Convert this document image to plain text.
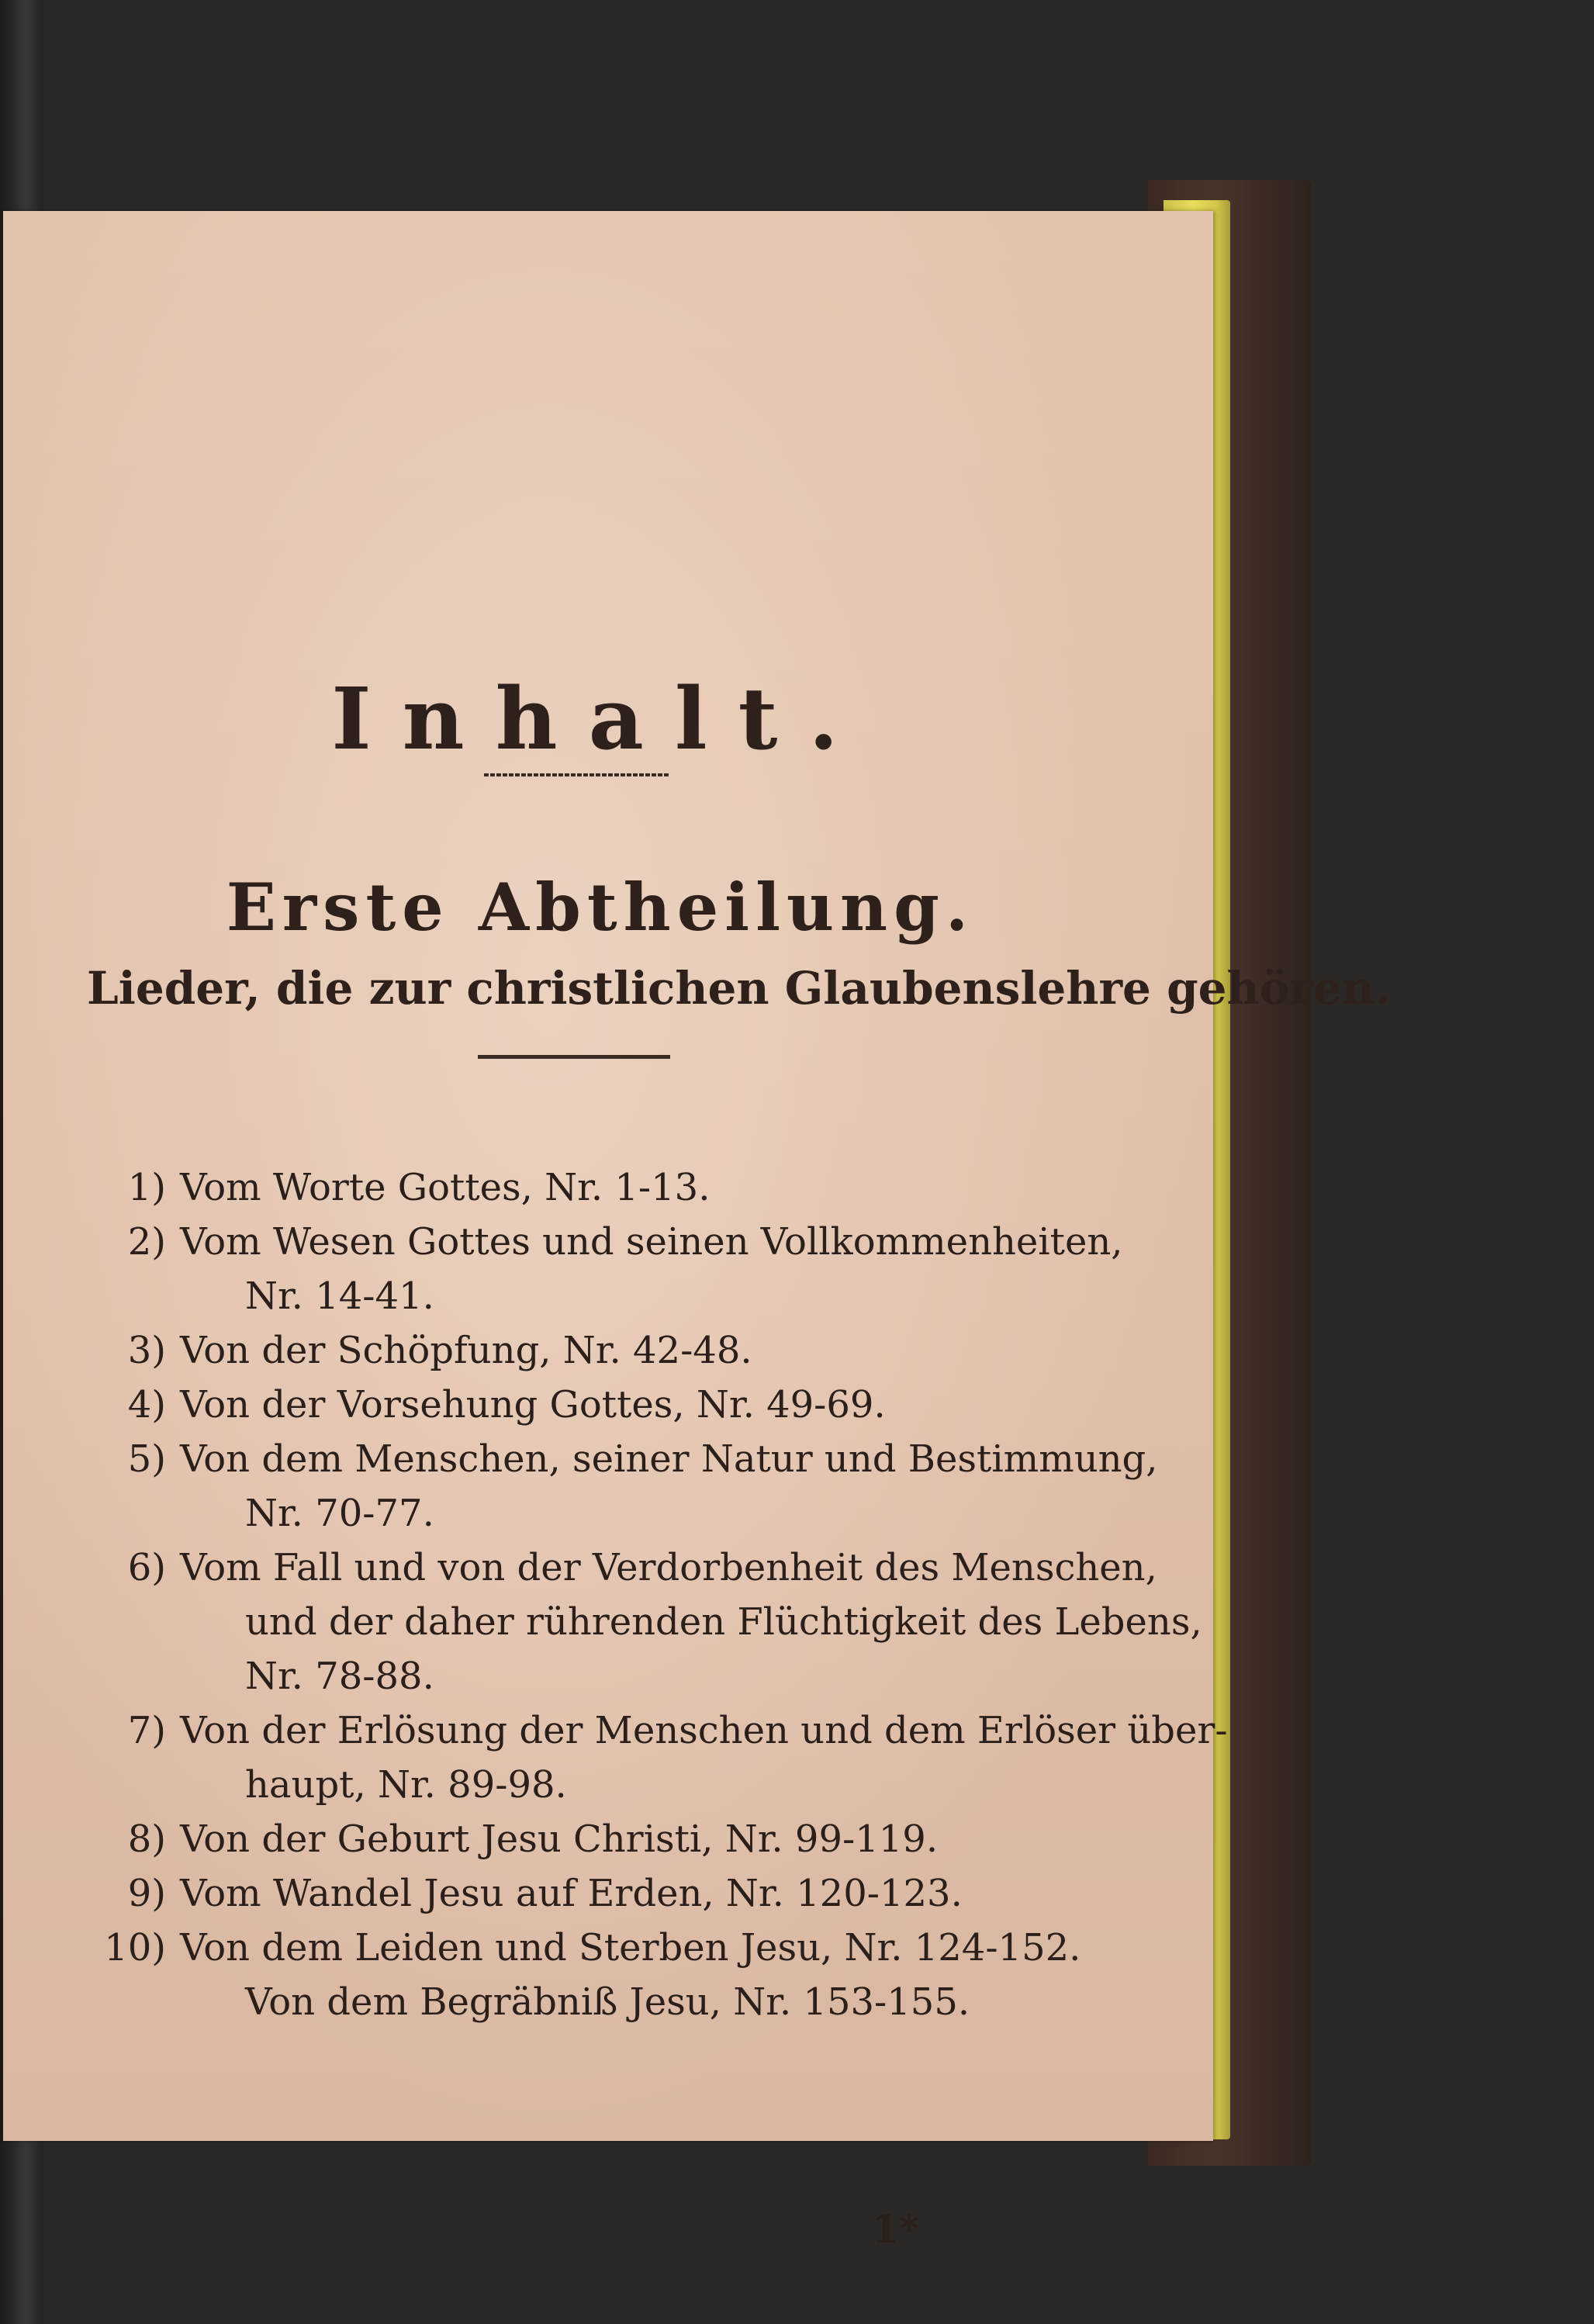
Inhalt.
Erste Abtheilung.
Lieder, die zur christlichen Glaubenslehre gehören.
1) Vom Worte Gottes, Nr. 1-13.
2) Vom Wesen Gottes und seinen Vollkommenheiten,
Nr. 14-41.
3) Von der Schöpfung, Nr. 42-48.
4) Von der Vorsehung Gottes, Nr. 49-69.
5) Von dem Menschen, seiner Natur und Bestimmung,
Nr. 70-77.
6) Vom Fall und von der Verdorbenheit des Menschen,
und der daher rührenden Flüchtigkeit des Lebens,
Nr. 78-88.
7) Von der Erlösung der Menschen und dem Erlöser über-
haupt, Nr. 89-98.
8) Von der Geburt Jesu Christi, Nr. 99-119.
9) Vom Wandel Jesu auf Erden, Nr. 120-123.
10) Von dem Leiden und Sterben Jesu, Nr. 124-152.
Von dem Begräbniß Jesu, Nr. 153-155.
1*
